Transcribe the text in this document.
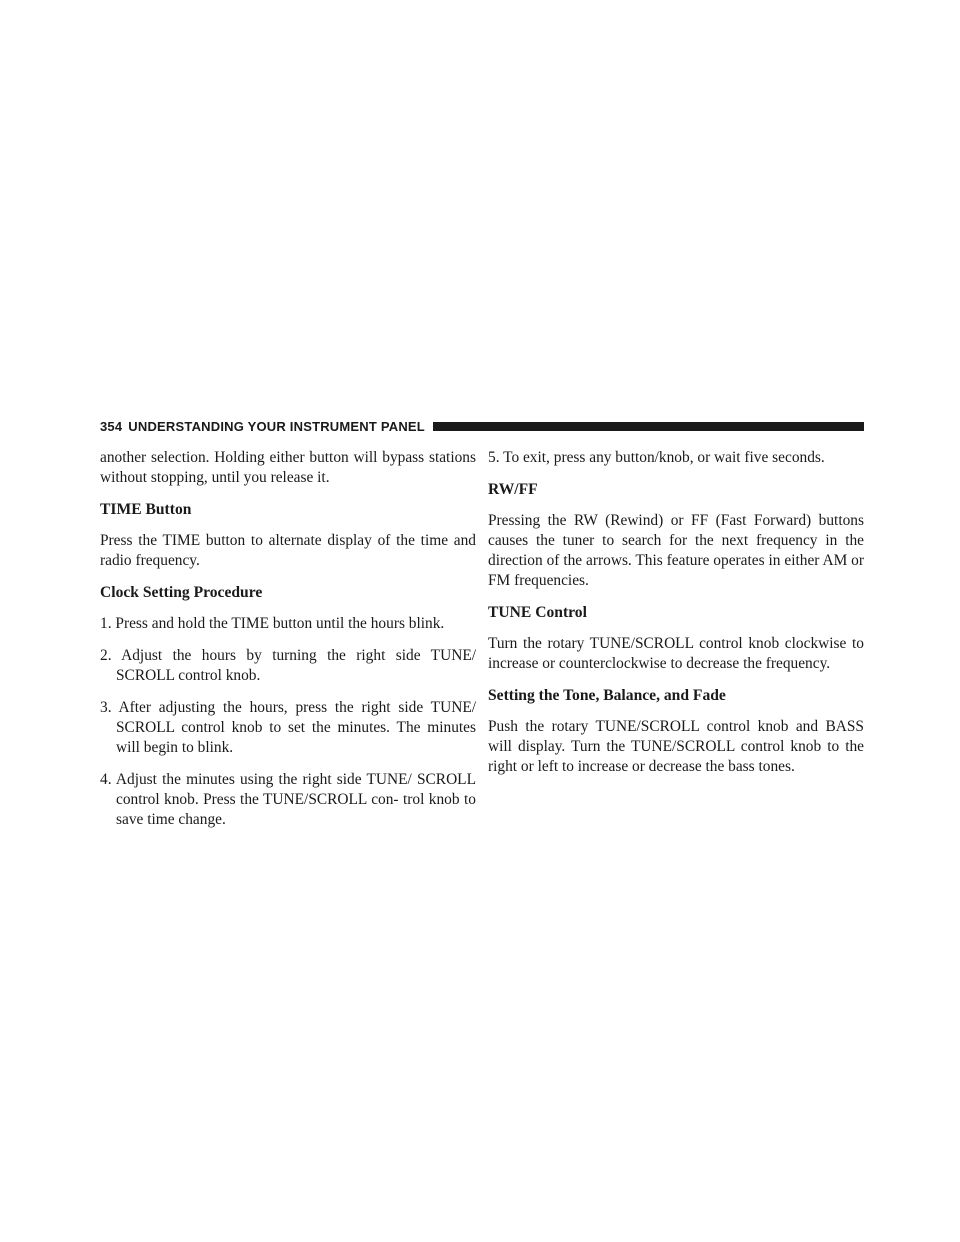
354 UNDERSTANDING YOUR INSTRUMENT PANEL

another selection. Holding either button will bypass stations without stopping, until you release it.

TIME Button

Press the TIME button to alternate display of the time and radio frequency.

Clock Setting Procedure
1. Press and hold the TIME button until the hours blink.
2. Adjust the hours by turning the right side TUNE/ SCROLL control knob.
3. After adjusting the hours, press the right side TUNE/ SCROLL control knob to set the minutes. The minutes will begin to blink.
4. Adjust the minutes using the right side TUNE/ SCROLL control knob. Press the TUNE/SCROLL con- trol knob to save time change.

5. To exit, press any button/knob, or wait five seconds.

RW/FF

Pressing the RW (Rewind) or FF (Fast Forward) buttons causes the tuner to search for the next frequency in the direction of the arrows. This feature operates in either AM or FM frequencies.

TUNE Control

Turn the rotary TUNE/SCROLL control knob clockwise to increase or counterclockwise to decrease the frequency.

Setting the Tone, Balance, and Fade

Push the rotary TUNE/SCROLL control knob and BASS will display. Turn the TUNE/SCROLL control knob to the right or left to increase or decrease the bass tones.
